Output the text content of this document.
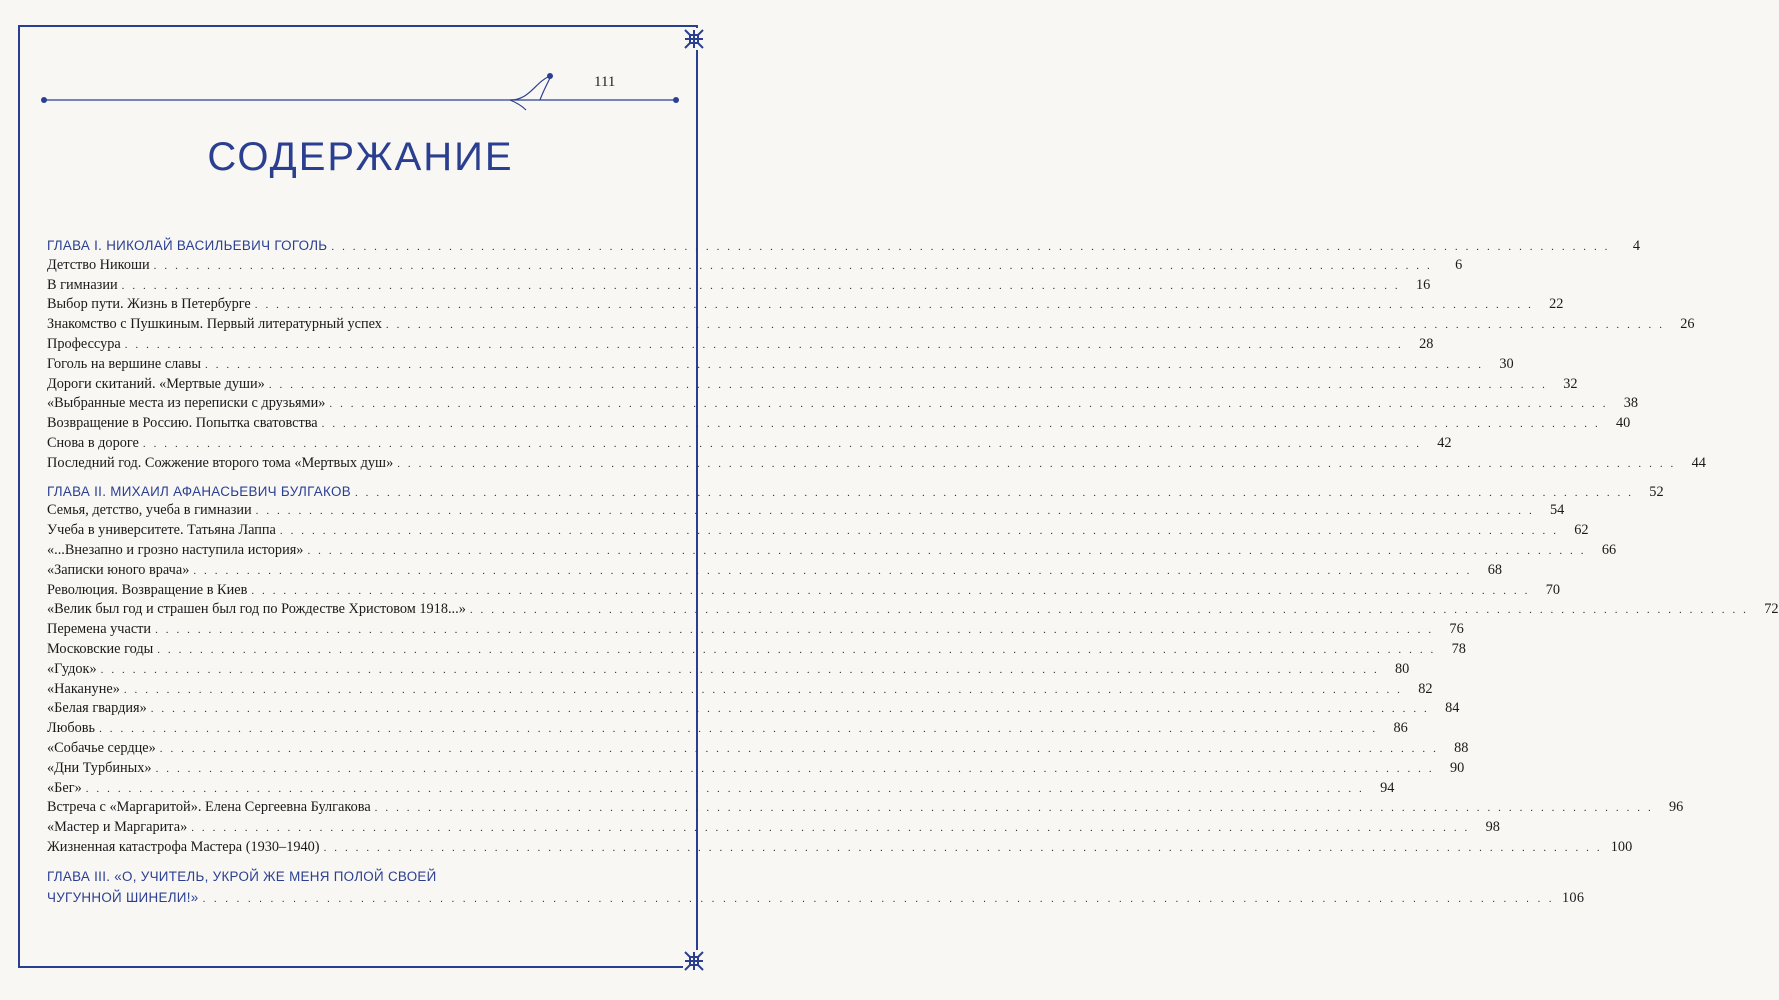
111
СОДЕРЖАНИЕ
ГЛАВА I. НИКОЛАЙ ВАСИЛЬЕВИЧ ГОГОЛЬ . . . . . . . . . . . . . . . . . . . . . . . . . . . . . . . . . . . . . . . . . . . . . . . . . . . . . . . . . . . . . . . . . . . . . . . . . . . . . . . . . . . . . . . . . . . . . . . . . . . . . . . . . . . . . . . . . . . . . . . .	4
Детство Никоши . . . . . . . . . . . . . . . . . . . . . . . . . . . . . . . . . . . . . . . . . . . . . . . . . . . . . . . . . . . . . . . . . . . . . . . . . . . . . . . . . . . . . . . . . . . . . . . . . . . . . . . . . . . . . . . . . . . . . . . .	6
В гимназии . . . . . . . . . . . . . . . . . . . . . . . . . . . . . . . . . . . . . . . . . . . . . . . . . . . . . . . . . . . . . . . . . . . . . . . . . . . . . . . . . . . . . . . . . . . . . . . . . . . . . . . . . . . . . . . . . . . . . . . .	16
Выбор пути. Жизнь в Петербурге . . . . . . . . . . . . . . . . . . . . . . . . . . . . . . . . . . . . . . . . . . . . . . . . . . . . . . . . . . . . . . . . . . . . . . . . . . . . . . . . . . . . . . . . . . . . . . . . . . . . . . . . . . . . . . . . . . . . . . . .	22
Знакомство с Пушкиным. Первый литературный успех . . . . . . . . . . . . . . . . . . . . . . . . . . . . . . . . . . . . . . . . . . . . . . . . . . . . . . . . . . . . . . . . . . . . . . . . . . . . . . . . . . . . . . . . . . . . . . . . . . . . . . . . . . . . . . . . . . . . . . . .	26
Профессура . . . . . . . . . . . . . . . . . . . . . . . . . . . . . . . . . . . . . . . . . . . . . . . . . . . . . . . . . . . . . . . . . . . . . . . . . . . . . . . . . . . . . . . . . . . . . . . . . . . . . . . . . . . . . . . . . . . . . . . .	28
Гоголь на вершине славы . . . . . . . . . . . . . . . . . . . . . . . . . . . . . . . . . . . . . . . . . . . . . . . . . . . . . . . . . . . . . . . . . . . . . . . . . . . . . . . . . . . . . . . . . . . . . . . . . . . . . . . . . . . . . . . . . . . . . . . .	30
Дороги скитаний. «Мертвые души» . . . . . . . . . . . . . . . . . . . . . . . . . . . . . . . . . . . . . . . . . . . . . . . . . . . . . . . . . . . . . . . . . . . . . . . . . . . . . . . . . . . . . . . . . . . . . . . . . . . . . . . . . . . . . . . . . . . . . . . .	32
«Выбранные места из переписки с друзьями» . . . . . . . . . . . . . . . . . . . . . . . . . . . . . . . . . . . . . . . . . . . . . . . . . . . . . . . . . . . . . . . . . . . . . . . . . . . . . . . . . . . . . . . . . . . . . . . . . . . . . . . . . . . . . . . . . . . . . . . .	38
Возвращение в Россию. Попытка сватовства . . . . . . . . . . . . . . . . . . . . . . . . . . . . . . . . . . . . . . . . . . . . . . . . . . . . . . . . . . . . . . . . . . . . . . . . . . . . . . . . . . . . . . . . . . . . . . . . . . . . . . . . . . . . . . . . . . . . . . . .	40
Снова в дороге . . . . . . . . . . . . . . . . . . . . . . . . . . . . . . . . . . . . . . . . . . . . . . . . . . . . . . . . . . . . . . . . . . . . . . . . . . . . . . . . . . . . . . . . . . . . . . . . . . . . . . . . . . . . . . . . . . . . . . . .	42
Последний год. Сожжение второго тома «Мертвых душ» . . . . . . . . . . . . . . . . . . . . . . . . . . . . . . . . . . . . . . . . . . . . . . . . . . . . . . . . . . . . . . . . . . . . . . . . . . . . . . . . . . . . . . . . . . . . . . . . . . . . . . . . . . . . . . . . . . . . . . . .	44
ГЛАВА II. МИХАИЛ АФАНАСЬЕВИЧ БУЛГАКОВ . . . . . . . . . . . . . . . . . . . . . . . . . . . . . . . . . . . . . . . . . . . . . . . . . . . . . . . . . . . . . . . . . . . . . . . . . . . . . . . . . . . . . . . . . . . . . . . . . . . . . . . . . . . . . . . . . . . . . . . .	52
Семья, детство, учеба в гимназии . . . . . . . . . . . . . . . . . . . . . . . . . . . . . . . . . . . . . . . . . . . . . . . . . . . . . . . . . . . . . . . . . . . . . . . . . . . . . . . . . . . . . . . . . . . . . . . . . . . . . . . . . . . . . . . . . . . . . . . .	54
Учеба в университете. Татьяна Лаппа . . . . . . . . . . . . . . . . . . . . . . . . . . . . . . . . . . . . . . . . . . . . . . . . . . . . . . . . . . . . . . . . . . . . . . . . . . . . . . . . . . . . . . . . . . . . . . . . . . . . . . . . . . . . . . . . . . . . . . . .	62
«...Внезапно и грозно наступила история» . . . . . . . . . . . . . . . . . . . . . . . . . . . . . . . . . . . . . . . . . . . . . . . . . . . . . . . . . . . . . . . . . . . . . . . . . . . . . . . . . . . . . . . . . . . . . . . . . . . . . . . . . . . . . . . . . . . . . . . .	66
«Записки юного врача» . . . . . . . . . . . . . . . . . . . . . . . . . . . . . . . . . . . . . . . . . . . . . . . . . . . . . . . . . . . . . . . . . . . . . . . . . . . . . . . . . . . . . . . . . . . . . . . . . . . . . . . . . . . . . . . . . . . . . . . .	68
Революция. Возвращение в Киев . . . . . . . . . . . . . . . . . . . . . . . . . . . . . . . . . . . . . . . . . . . . . . . . . . . . . . . . . . . . . . . . . . . . . . . . . . . . . . . . . . . . . . . . . . . . . . . . . . . . . . . . . . . . . . . . . . . . . . . .	70
«Велик был год и страшен был год по Рождестве Христовом 1918...» . . . . . . . . . . . . . . . . . . . . . . . . . . . . . . . . . . . . . . . . . . . . . . . . . . . . . . . . . . . . . . . . . . . . . . . . . . . . . . . . . . . . . . . . . . . . . . . . . . . . . . . . . . . . . . . . . . . . . . . .	72
Перемена участи . . . . . . . . . . . . . . . . . . . . . . . . . . . . . . . . . . . . . . . . . . . . . . . . . . . . . . . . . . . . . . . . . . . . . . . . . . . . . . . . . . . . . . . . . . . . . . . . . . . . . . . . . . . . . . . . . . . . . . . .	76
Московские годы . . . . . . . . . . . . . . . . . . . . . . . . . . . . . . . . . . . . . . . . . . . . . . . . . . . . . . . . . . . . . . . . . . . . . . . . . . . . . . . . . . . . . . . . . . . . . . . . . . . . . . . . . . . . . . . . . . . . . . . .	78
«Гудок» . . . . . . . . . . . . . . . . . . . . . . . . . . . . . . . . . . . . . . . . . . . . . . . . . . . . . . . . . . . . . . . . . . . . . . . . . . . . . . . . . . . . . . . . . . . . . . . . . . . . . . . . . . . . . . . . . . . . . . . .	80
«Накануне» . . . . . . . . . . . . . . . . . . . . . . . . . . . . . . . . . . . . . . . . . . . . . . . . . . . . . . . . . . . . . . . . . . . . . . . . . . . . . . . . . . . . . . . . . . . . . . . . . . . . . . . . . . . . . . . . . . . . . . . .	82
«Белая гвардия» . . . . . . . . . . . . . . . . . . . . . . . . . . . . . . . . . . . . . . . . . . . . . . . . . . . . . . . . . . . . . . . . . . . . . . . . . . . . . . . . . . . . . . . . . . . . . . . . . . . . . . . . . . . . . . . . . . . . . . . .	84
Любовь . . . . . . . . . . . . . . . . . . . . . . . . . . . . . . . . . . . . . . . . . . . . . . . . . . . . . . . . . . . . . . . . . . . . . . . . . . . . . . . . . . . . . . . . . . . . . . . . . . . . . . . . . . . . . . . . . . . . . . . .	86
«Собачье сердце» . . . . . . . . . . . . . . . . . . . . . . . . . . . . . . . . . . . . . . . . . . . . . . . . . . . . . . . . . . . . . . . . . . . . . . . . . . . . . . . . . . . . . . . . . . . . . . . . . . . . . . . . . . . . . . . . . . . . . . . .	88
«Дни Турбиных» . . . . . . . . . . . . . . . . . . . . . . . . . . . . . . . . . . . . . . . . . . . . . . . . . . . . . . . . . . . . . . . . . . . . . . . . . . . . . . . . . . . . . . . . . . . . . . . . . . . . . . . . . . . . . . . . . . . . . . . .	90
«Бег» . . . . . . . . . . . . . . . . . . . . . . . . . . . . . . . . . . . . . . . . . . . . . . . . . . . . . . . . . . . . . . . . . . . . . . . . . . . . . . . . . . . . . . . . . . . . . . . . . . . . . . . . . . . . . . . . . . . . . . . .	94
Встреча с «Маргаритой». Елена Сергеевна Булгакова . . . . . . . . . . . . . . . . . . . . . . . . . . . . . . . . . . . . . . . . . . . . . . . . . . . . . . . . . . . . . . . . . . . . . . . . . . . . . . . . . . . . . . . . . . . . . . . . . . . . . . . . . . . . . . . . . . . . . . . .	96
«Мастер и Маргарита» . . . . . . . . . . . . . . . . . . . . . . . . . . . . . . . . . . . . . . . . . . . . . . . . . . . . . . . . . . . . . . . . . . . . . . . . . . . . . . . . . . . . . . . . . . . . . . . . . . . . . . . . . . . . . . . . . . . . . . . .	98
Жизненная катастрофа Мастера (1930–1940) . . . . . . . . . . . . . . . . . . . . . . . . . . . . . . . . . . . . . . . . . . . . . . . . . . . . . . . . . . . . . . . . . . . . . . . . . . . . . . . . . . . . . . . . . . . . . . . . . . . . . . . . . . . . . . . . . . . . . . . . 100
ГЛАВА III. «О, УЧИТЕЛЬ, УКРОЙ ЖЕ МЕНЯ ПОЛОЙ СВОЕЙ
ЧУГУННОЙ ШИНЕЛИ!» . . . . . . . . . . . . . . . . . . . . . . . . . . . . . . . . . . . . . . . . . . . . . . . . . . . . . . . . . . . . . . . . . . . . . . . . . . . . . . . . . . . . . . . . . . . . . . . . . . . . . . . . . . . . . . . . . . . . . . . . 106
